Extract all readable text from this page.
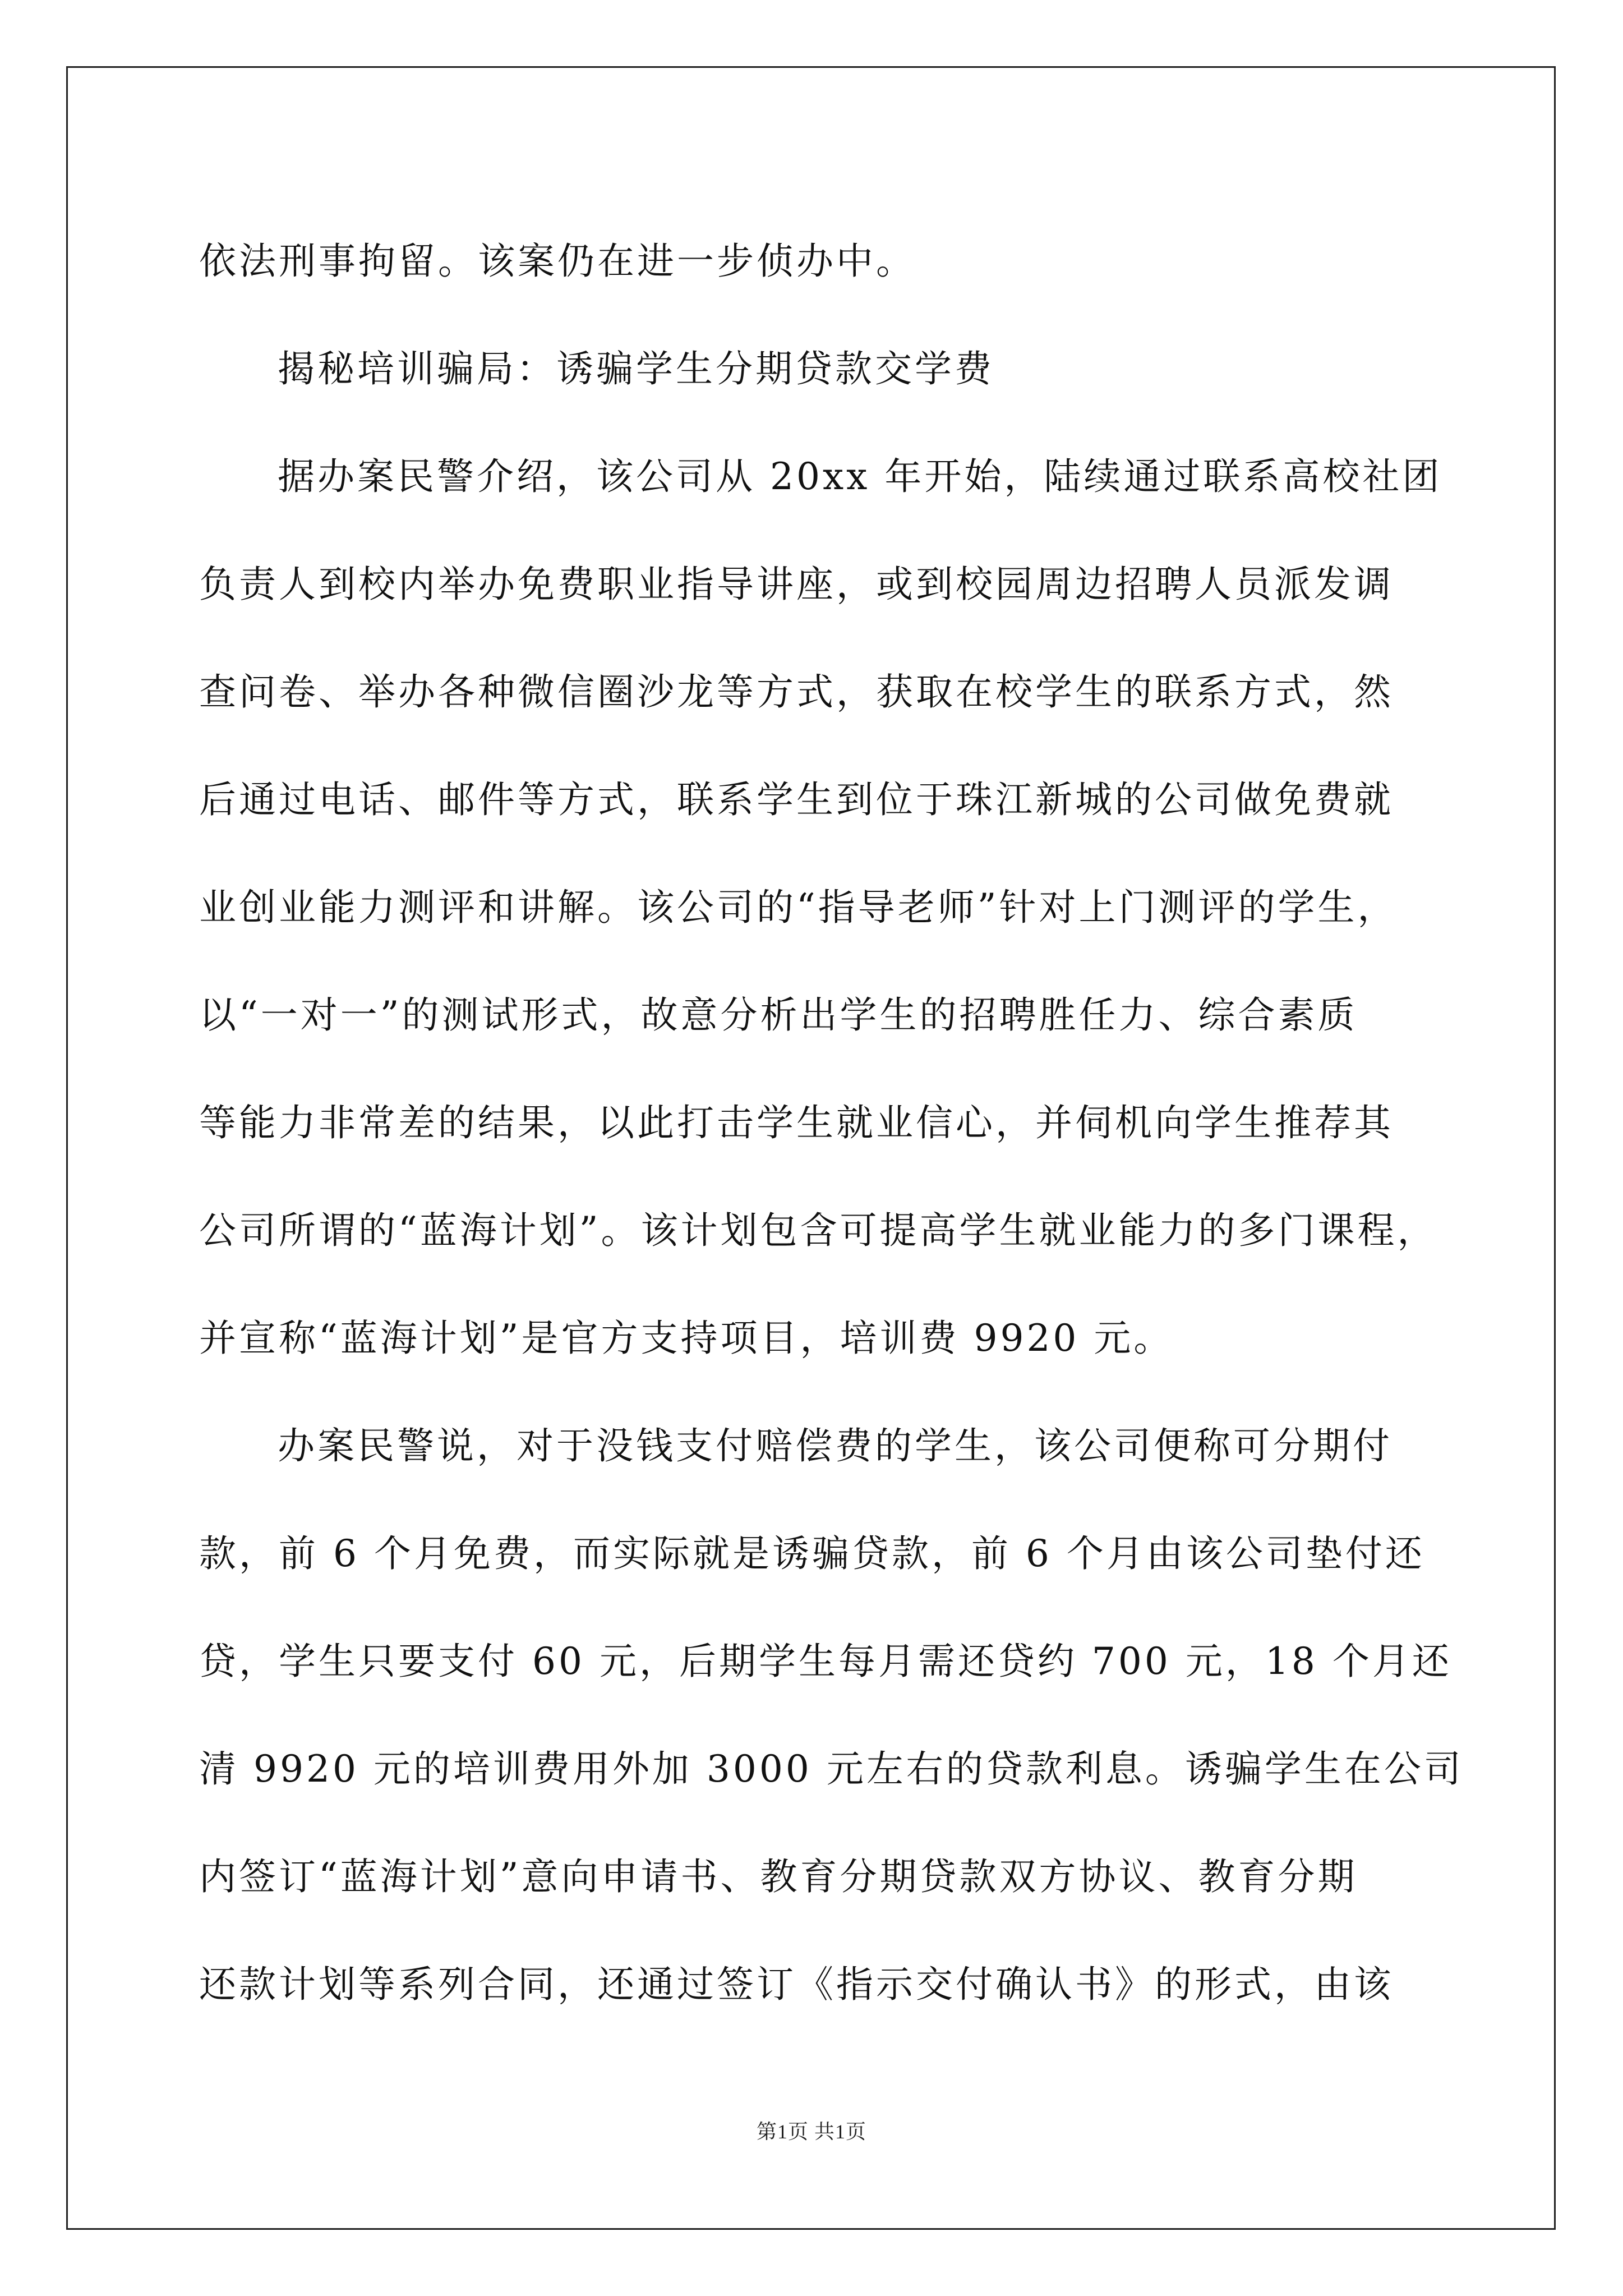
依法刑事拘留。该案仍在进一步侦办中。
揭秘培训骗局：诱骗学生分期贷款交学费
据办案民警介绍，该公司从 20xx 年开始，陆续通过联系高校社团
负责人到校内举办免费职业指导讲座，或到校园周边招聘人员派发调
查问卷、举办各种微信圈沙龙等方式，获取在校学生的联系方式，然
后通过电话、邮件等方式，联系学生到位于珠江新城的公司做免费就
业创业能力测评和讲解。该公司的“指导老师”针对上门测评的学生，
以“一对一”的测试形式，故意分析出学生的招聘胜任力、综合素质
等能力非常差的结果，以此打击学生就业信心，并伺机向学生推荐其
公司所谓的“蓝海计划”。该计划包含可提高学生就业能力的多门课程，
并宣称“蓝海计划”是官方支持项目，培训费 9920 元。
办案民警说，对于没钱支付赔偿费的学生，该公司便称可分期付
款，前 6 个月免费，而实际就是诱骗贷款，前 6 个月由该公司垫付还
贷，学生只要支付 60 元，后期学生每月需还贷约 700 元，18 个月还
清 9920 元的培训费用外加 3000 元左右的贷款利息。诱骗学生在公司
内签订“蓝海计划”意向申请书、教育分期贷款双方协议、教育分期
还款计划等系列合同，还通过签订《指示交付确认书》的形式，由该
第1页 共1页
